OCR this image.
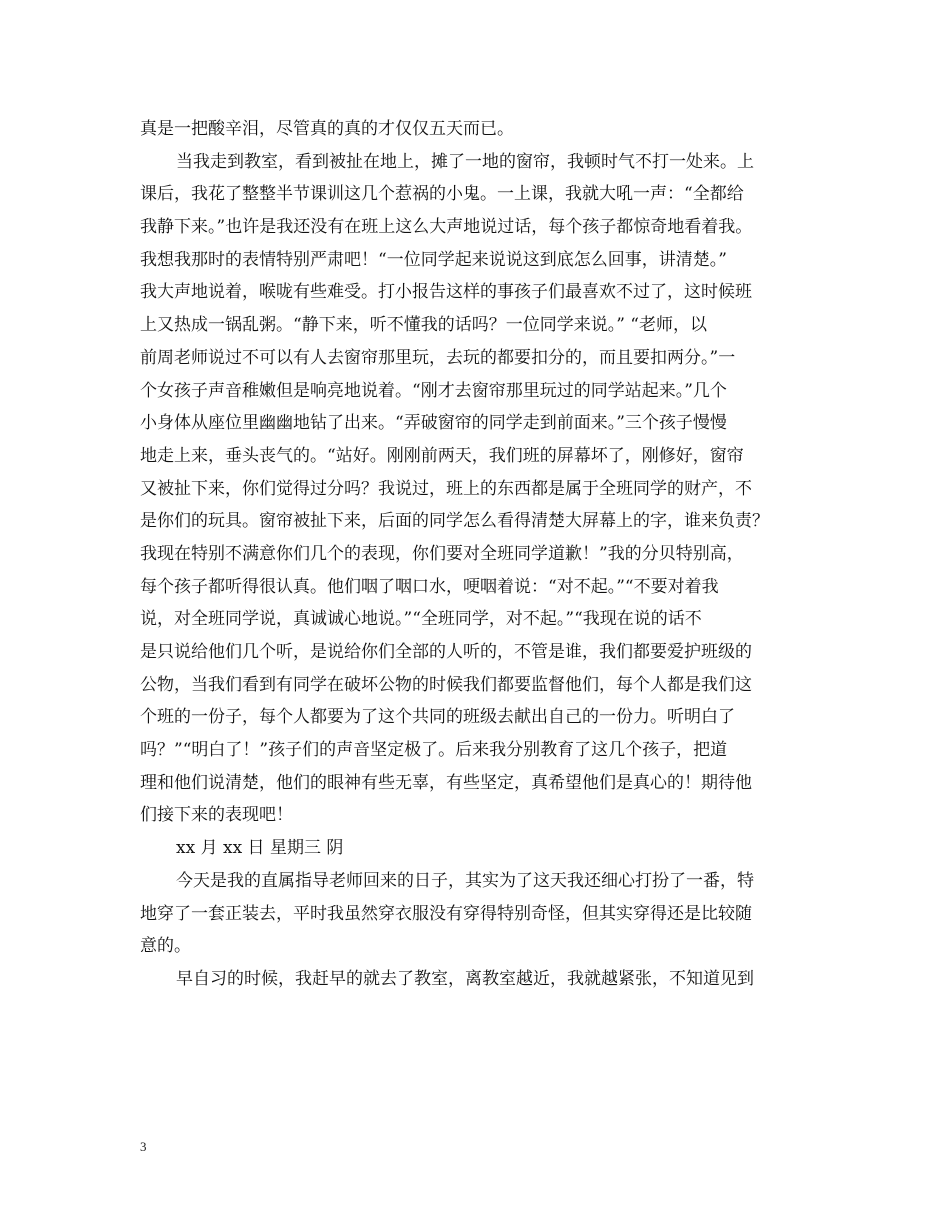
真是一把酸辛泪，尽管真的真的才仅仅五天而已。
当我走到教室，看到被扯在地上，摊了一地的窗帘，我顿时气不打一处来。上
课后，我花了整整半节课训这几个惹祸的小鬼。一上课，我就大吼一声：“全都给
我静下来。”也许是我还没有在班上这么大声地说过话，每个孩子都惊奇地看着我。
我想我那时的表情特别严肃吧！“一位同学起来说说这到底怎么回事，讲清楚。”
我大声地说着，喉咙有些难受。打小报告这样的事孩子们最喜欢不过了，这时候班
上又热成一锅乱粥。“静下来，听不懂我的话吗？一位同学来说。” “老师，以
前周老师说过不可以有人去窗帘那里玩，去玩的都要扣分的，而且要扣两分。”一
个女孩子声音稚嫩但是响亮地说着。“刚才去窗帘那里玩过的同学站起来。”几个
小身体从座位里幽幽地钻了出来。“弄破窗帘的同学走到前面来。”三个孩子慢慢
地走上来，垂头丧气的。“站好。刚刚前两天，我们班的屏幕坏了，刚修好，窗帘
又被扯下来，你们觉得过分吗？我说过，班上的东西都是属于全班同学的财产，不
是你们的玩具。窗帘被扯下来，后面的同学怎么看得清楚大屏幕上的字，谁来负责？
我现在特别不满意你们几个的表现，你们要对全班同学道歉！”我的分贝特别高，
每个孩子都听得很认真。他们咽了咽口水，哽咽着说：“对不起。”“不要对着我
说，对全班同学说，真诚诚心地说。”“全班同学，对不起。”“我现在说的话不
是只说给他们几个听，是说给你们全部的人听的，不管是谁，我们都要爱护班级的
公物，当我们看到有同学在破坏公物的时候我们都要监督他们，每个人都是我们这
个班的一份子，每个人都要为了这个共同的班级去献出自己的一份力。听明白了
吗？”“明白了！”孩子们的声音坚定极了。后来我分别教育了这几个孩子，把道
理和他们说清楚，他们的眼神有些无辜，有些坚定，真希望他们是真心的！期待他
们接下来的表现吧！
xx 月 xx 日 星期三 阴
今天是我的直属指导老师回来的日子，其实为了这天我还细心打扮了一番，特
地穿了一套正装去，平时我虽然穿衣服没有穿得特别奇怪，但其实穿得还是比较随
意的。
早自习的时候，我赶早的就去了教室，离教室越近，我就越紧张，不知道见到
3
